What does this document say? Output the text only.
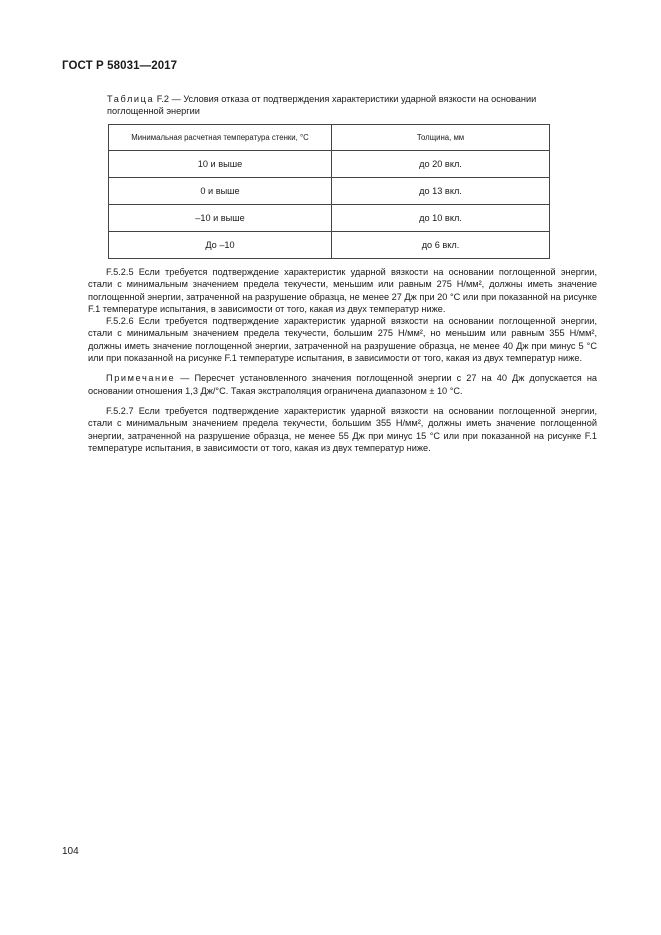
ГОСТ Р 58031—2017
Таблица F.2 — Условия отказа от подтверждения характеристики ударной вязкости на основании поглощенной энергии
Минимальная расчетная температура стенки, °С	Толщина, мм
10 и выше	до 20 вкл.
0 и выше	до 13 вкл.
–10 и выше	до 10 вкл.
До –10	до 6 вкл.

F.5.2.5 Если требуется подтверждение характеристик ударной вязкости на основании поглощенной энергии, стали с минимальным значением предела текучести, меньшим или равным 275 Н/мм², должны иметь значение поглощенной энергии, затраченной на разрушение образца, не менее 27 Дж при 20 °С или при показанной на рисунке F.1 температуре испытания, в зависимости от того, какая из двух температур ниже.

F.5.2.6 Если требуется подтверждение характеристик ударной вязкости на основании поглощенной энергии, стали с минимальным значением предела текучести, большим 275 Н/мм², но меньшим или равным 355 Н/мм², должны иметь значение поглощенной энергии, затраченной на разрушение образца, не менее 40 Дж при минус 5 °С или при показанной на рисунке F.1 температуре испытания, в зависимости от того, какая из двух температур ниже.

Примечание — Пересчет установленного значения поглощенной энергии с 27 на 40 Дж допускается на основании отношения 1,3 Дж/°С. Такая экстраполяция ограничена диапазоном ± 10 °С.

F.5.2.7 Если требуется подтверждение характеристик ударной вязкости на основании поглощенной энергии, стали с минимальным значением предела текучести, большим 355 Н/мм², должны иметь значение поглощенной энергии, затраченной на разрушение образца, не менее 55 Дж при минус 15 °С или при показанной на рисунке F.1 температуре испытания, в зависимости от того, какая из двух температур ниже.

104
